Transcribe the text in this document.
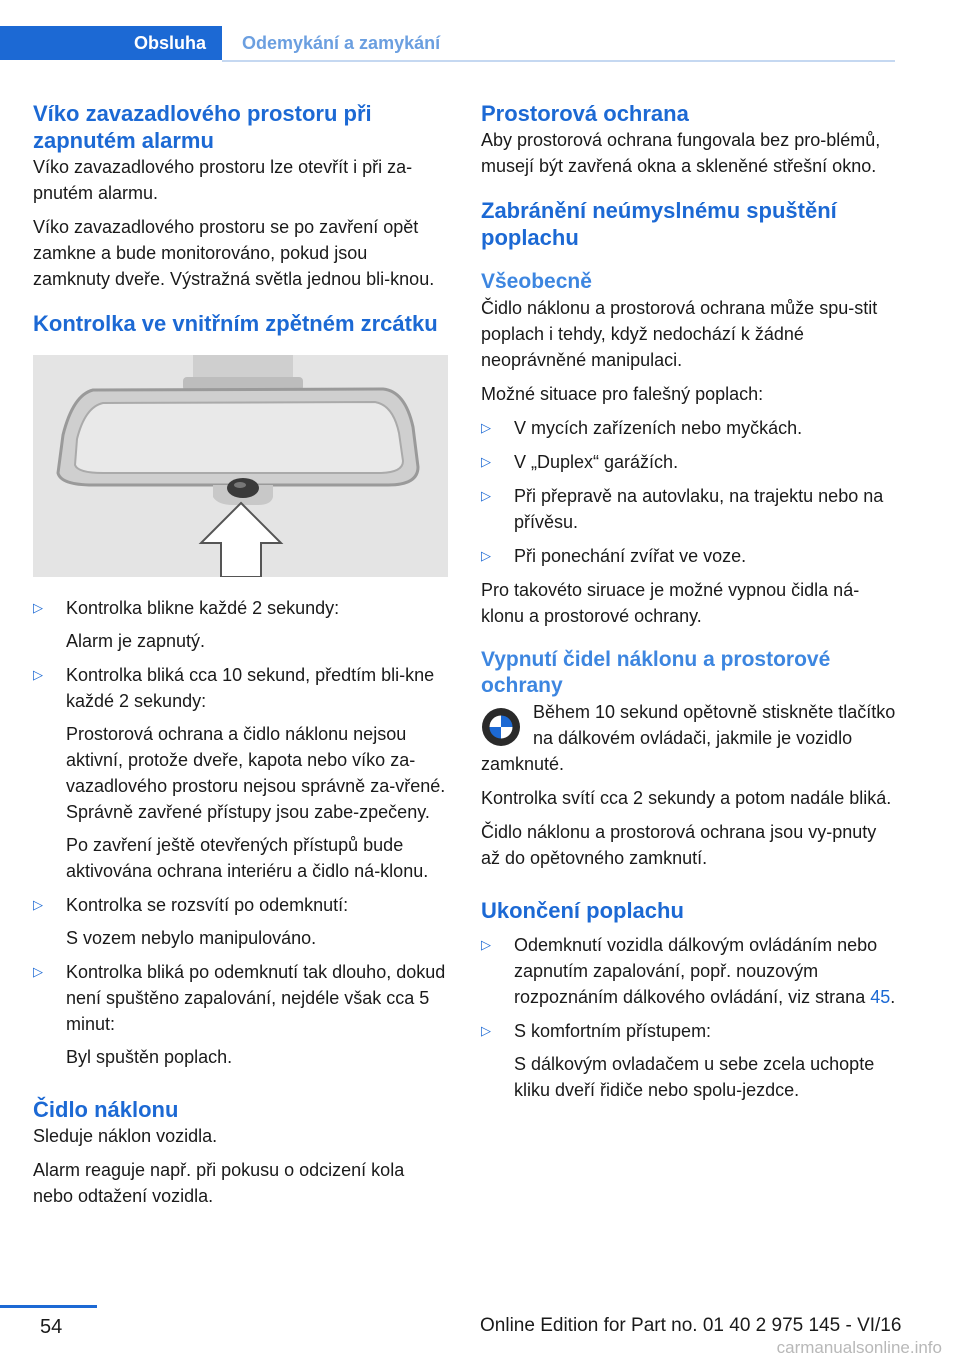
Obsluha	Odemykání a zamykání
Víko zavazadlového prostoru při zapnutém alarmu

Víko zavazadlového prostoru lze otevřít i při za-pnutém alarmu.

Víko zavazadlového prostoru se po zavření opět zamkne a bude monitorováno, pokud jsou zamknuty dveře. Výstražná světla jednou bli-knou.

Kontrolka ve vnitřním zpětném zrcátku
▷ Kontrolka blikne každé 2 sekundy:
Alarm je zapnutý.
▷ Kontrolka bliká cca 10 sekund, předtím bli-kne každé 2 sekundy:
Prostorová ochrana a čidlo náklonu nejsou aktivní, protože dveře, kapota nebo víko za-vazadlového prostoru nejsou správně za-vřené. Správně zavřené přístupy jsou zabe-zpečeny.
Po zavření ještě otevřených přístupů bude aktivována ochrana interiéru a čidlo ná-klonu.
▷ Kontrolka se rozsvítí po odemknutí:
S vozem nebylo manipulováno.
▷ Kontrolka bliká po odemknutí tak dlouho, dokud není spuštěno zapalování, nejdéle však cca 5 minut:
Byl spuštěn poplach.
Čidlo náklonu

Sleduje náklon vozidla.

Alarm reaguje např. při pokusu o odcizení kola nebo odtažení vozidla.

Prostorová ochrana

Aby prostorová ochrana fungovala bez pro-blémů, musejí být zavřená okna a skleněné střešní okno.

Zabránění neúmyslnému spuštění poplachu
Všeobecně

Čidlo náklonu a prostorová ochrana může spu-stit poplach i tehdy, když nedochází k žádné neoprávněné manipulaci.

Možné situace pro falešný poplach:

▷ V mycích zařízeních nebo myčkách.
▷ V „Duplex“ garážích.
▷ Při přepravě na autovlaku, na trajektu nebo na přívěsu.
▷ Při ponechání zvířat ve voze.

Pro takovéto siruace je možné vypnou čidla ná-klonu a prostorové ochrany.

Vypnutí čidel náklonu a prostorové ochrany

Během 10 sekund opětovně stiskněte tlačítko na dálkovém ovládači, jakmile je vozidlo zamknuté.

Kontrolka svítí cca 2 sekundy a potom nadále bliká.

Čidlo náklonu a prostorová ochrana jsou vy-pnuty až do opětovného zamknutí.

Ukončení poplachu
▷ Odemknutí vozidla dálkovým ovládáním nebo zapnutím zapalování, popř. nouzovým rozpoznáním dálkového ovládání, viz strana 45.
▷ S komfortním přístupem:
S dálkovým ovladačem u sebe zcela uchopte kliku dveří řidiče nebo spolu-jezdce.
54	Online Edition for Part no. 01 40 2 975 145 - VI/16
carmanualsonline.info
